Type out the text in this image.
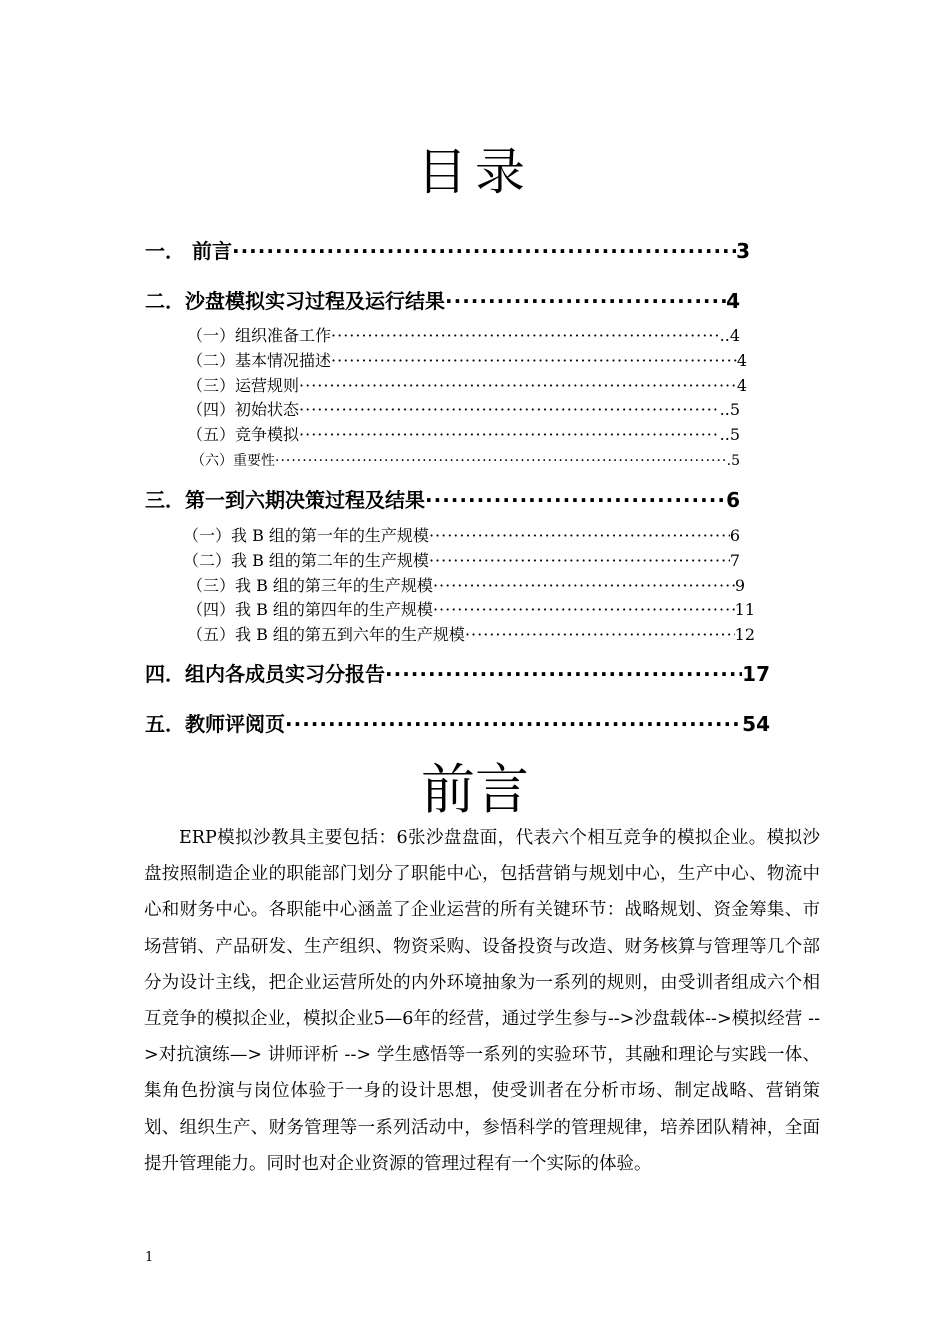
目录
一． 前言 ·····	3
二．沙盘模拟实习过程及运行结果 ·····	4
（一）组织准备工作 ·····	..4
（二）基本情况描述 ·····	4
（三）运营规则 ·····	4
（四）初始状态 ·····	..5
（五）竞争模拟 ·····	..5
（六）重要性 ·····	.5
三．第一到六期决策过程及结果 ·····	6
（一）我 B 组的第一年的生产规模 ·····	6
（二）我 B 组的第二年的生产规模 ·····	7
（三）我 B 组的第三年的生产规模 ·····	9
（四）我 B 组的第四年的生产规模 ·····	11
（五）我 B 组的第五到六年的生产规模 ·····	12
四．组内各成员实习分报告 ·····	17
五．教师评阅页 ·····	54
前言

ERP模拟沙教具主要包括：6张沙盘盘面，代表六个相互竞争的模拟企业。模拟沙盘按照制造企业的职能部门划分了职能中心，包括营销与规划中心，生产中心、物流中心和财务中心。各职能中心涵盖了企业运营的所有关键环节：战略规划、资金筹集、市场营销、产品研发、生产组织、物资采购、设备投资与改造、财务核算与管理等几个部分为设计主线，把企业运营所处的内外环境抽象为一系列的规则，由受训者组成六个相互竞争的模拟企业，模拟企业5—6年的经营，通过学生参与-->沙盘载体-->模拟经营 -->对抗演练—> 讲师评析 --> 学生感悟等一系列的实验环节，其融和理论与实践一体、集角色扮演与岗位体验于一身的设计思想，使受训者在分析市场、制定战略、营销策划、组织生产、财务管理等一系列活动中，参悟科学的管理规律，培养团队精神，全面提升管理能力。同时也对企业资源的管理过程有一个实际的体验。

1
